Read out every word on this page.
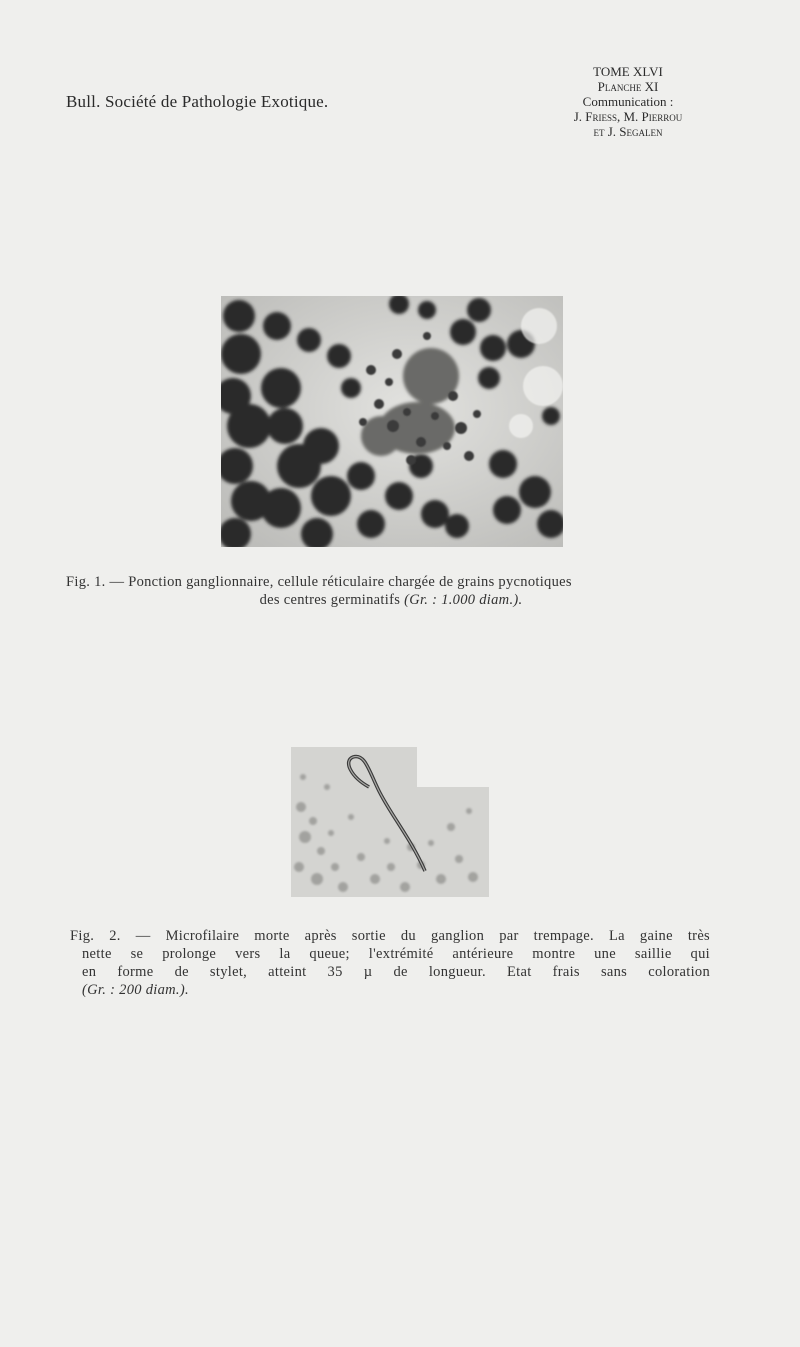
Bull. Société de Pathologie Exotique.
TOME XLVI
Planche XI
Communication :
J. Friess, M. Pierrou
et J. Segalen
Fig. 1. — Ponction ganglionnaire, cellule réticulaire chargée de grains pycnotiques
des centres germinatifs (Gr. : 1.000 diam.).
Fig. 2. — Microfilaire morte après sortie du ganglion par trempage. La gaine très
nette se prolonge vers la queue; l'extrémité antérieure montre une saillie qui
en forme de stylet, atteint 35 µ de longueur. Etat frais sans coloration
(Gr. : 200 diam.).
